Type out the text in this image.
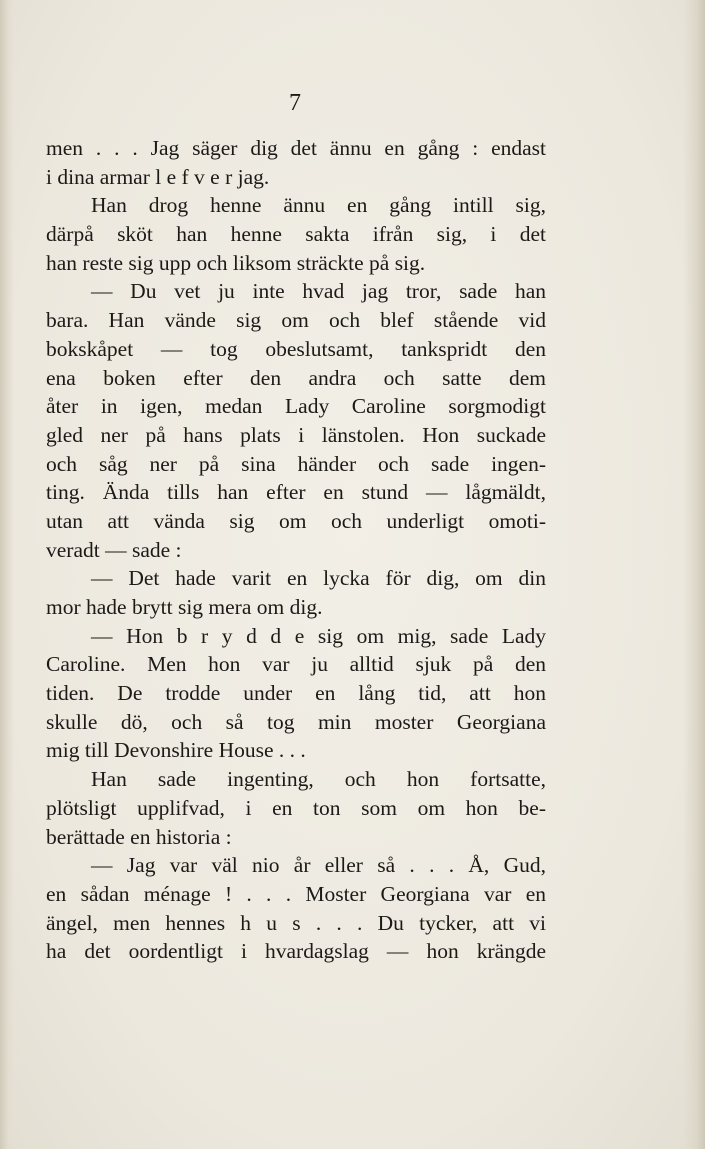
7
men . . . Jag säger dig det ännu en gång : endast
i dina armar l e f v e r jag.
Han drog henne ännu en gång intill sig,
därpå sköt han henne sakta ifrån sig, i det
han reste sig upp och liksom sträckte på sig.
— Du vet ju inte hvad jag tror, sade han
bara. Han vände sig om och blef stående vid
bokskåpet — tog obeslutsamt, tankspridt den
ena boken efter den andra och satte dem
åter in igen, medan Lady Caroline sorgmodigt
gled ner på hans plats i länstolen. Hon suckade
och såg ner på sina händer och sade ingen-
ting. Ända tills han efter en stund — lågmäldt,
utan att vända sig om och underligt omoti-
veradt — sade :
— Det hade varit en lycka för dig, om din
mor hade brytt sig mera om dig.
— Hon b r y d d e sig om mig, sade Lady
Caroline. Men hon var ju alltid sjuk på den
tiden. De trodde under en lång tid, att hon
skulle dö, och så tog min moster Georgiana
mig till Devonshire House . . .
Han sade ingenting, och hon fortsatte,
plötsligt upplifvad, i en ton som om hon be-
berättade en historia :
— Jag var väl nio år eller så . . . Å, Gud,
en sådan ménage ! . . . Moster Georgiana var en
ängel, men hennes h u s . . . Du tycker, att vi
ha det oordentligt i hvardagslag — hon krängde
